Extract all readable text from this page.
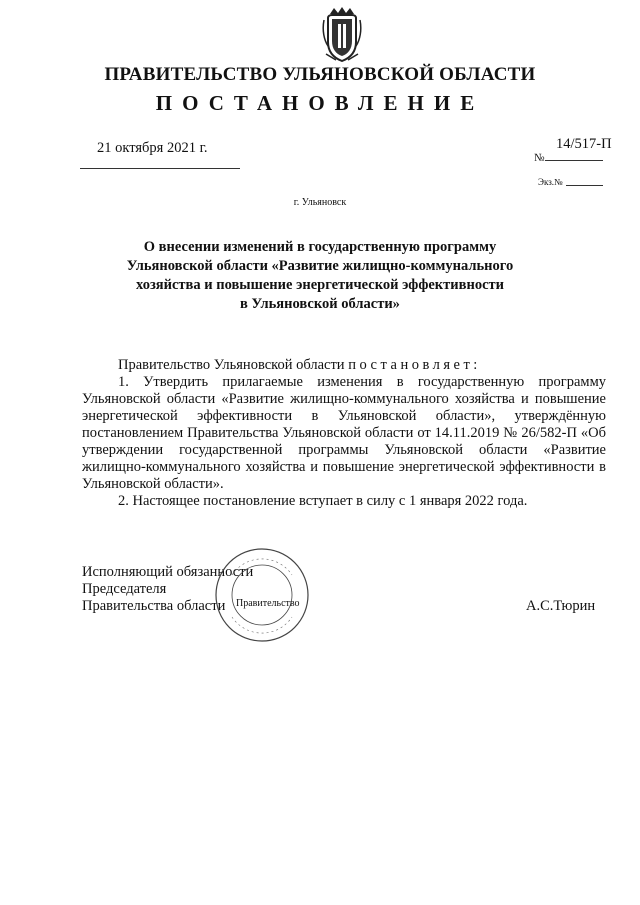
ПРАВИТЕЛЬСТВО УЛЬЯНОВСКОЙ ОБЛАСТИ
ПОСТАНОВЛЕНИЕ
21 октября 2021 г.	14/517-П
№
Экз.№
г. Ульяновск
О внесении изменений в государственную программу
Ульяновской области «Развитие жилищно-коммунального
хозяйства и повышение энергетической эффективности
в Ульяновской области»

Правительство Ульяновской области постановляет:

1. Утвердить прилагаемые изменения в государственную программу Ульяновской области «Развитие жилищно-коммунального хозяйства и повышение энергетической эффективности в Ульяновской области», утверждённую постановлением Правительства Ульяновской области от 14.11.2019 № 26/582-П «Об утверждении государственной программы Ульяновской области «Развитие жилищно-коммунального хозяйства и повышение энергетической эффективности в Ульяновской области».

2. Настоящее постановление вступает в силу с 1 января 2022 года.

Исполняющий обязанности
Председателя
Правительства области	Правительство	А.С.Тюрин
